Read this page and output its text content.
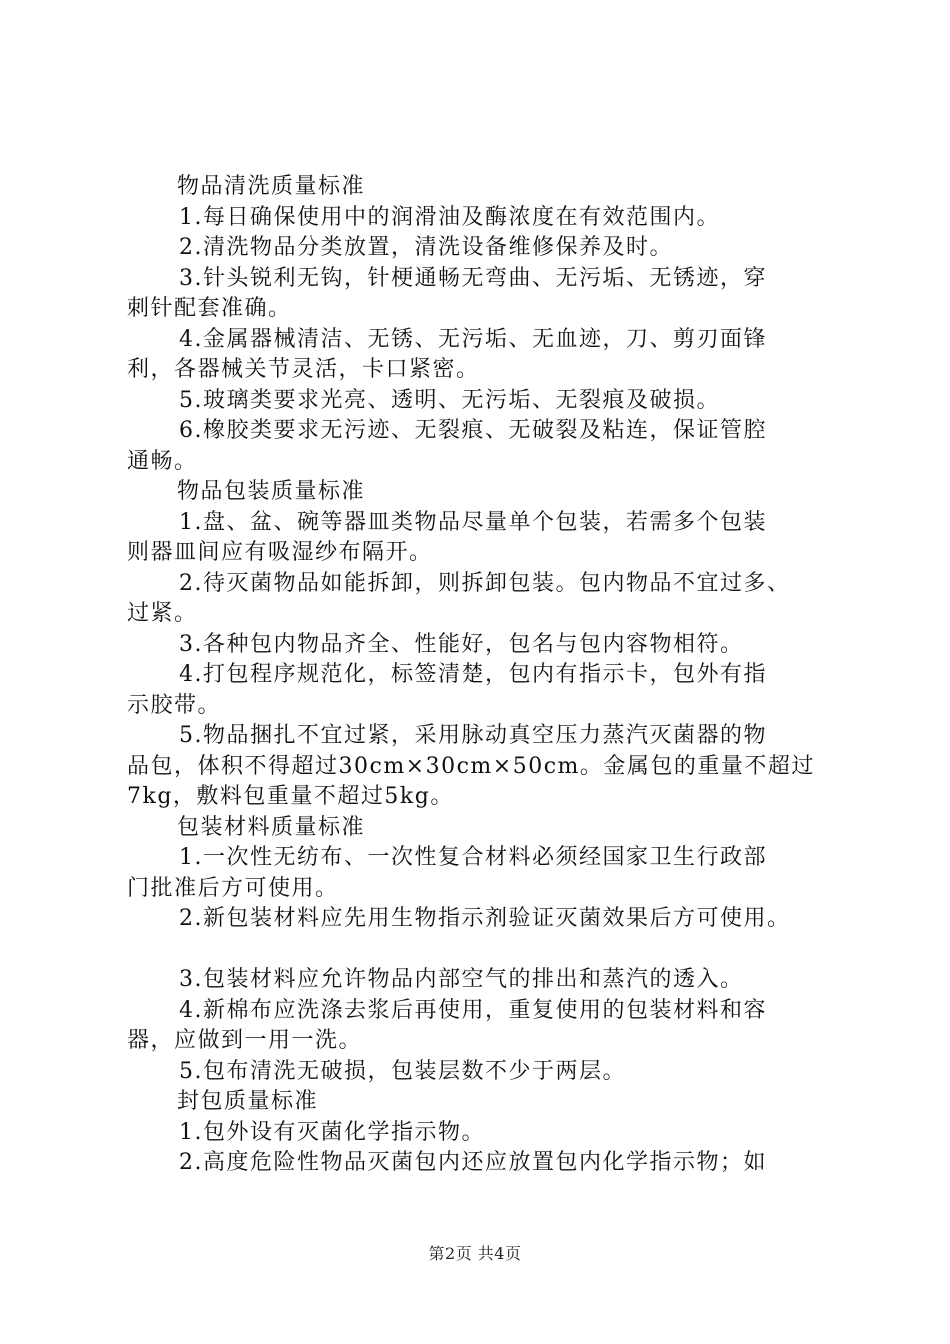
物品清洗质量标准
1.每日确保使用中的润滑油及酶浓度在有效范围内。
2.清洗物品分类放置，清洗设备维修保养及时。
3.针头锐利无钩，针梗通畅无弯曲、无污垢、无锈迹，穿
刺针配套准确。
4.金属器械清洁、无锈、无污垢、无血迹，刀、剪刃面锋
利，各器械关节灵活，卡口紧密。
5.玻璃类要求光亮、透明、无污垢、无裂痕及破损。
6.橡胶类要求无污迹、无裂痕、无破裂及粘连，保证管腔
通畅。
物品包装质量标准
1.盘、盆、碗等器皿类物品尽量单个包装，若需多个包装
则器皿间应有吸湿纱布隔开。
2.待灭菌物品如能拆卸，则拆卸包装。包内物品不宜过多、
过紧。
3.各种包内物品齐全、性能好，包名与包内容物相符。
4.打包程序规范化，标签清楚，包内有指示卡，包外有指
示胶带。
5.物品捆扎不宜过紧，采用脉动真空压力蒸汽灭菌器的物
品包，体积不得超过30cm×30cm×50cm。金属包的重量不超过
7kg，敷料包重量不超过5kg。
包装材料质量标准
1.一次性无纺布、一次性复合材料必须经国家卫生行政部
门批准后方可使用。
2.新包装材料应先用生物指示剂验证灭菌效果后方可使用。
3.包装材料应允许物品内部空气的排出和蒸汽的透入。
4.新棉布应洗涤去浆后再使用，重复使用的包装材料和容
器，应做到一用一洗。
5.包布清洗无破损，包装层数不少于两层。
封包质量标准
1.包外设有灭菌化学指示物。
2.高度危险性物品灭菌包内还应放置包内化学指示物；如
第2页 共4页
